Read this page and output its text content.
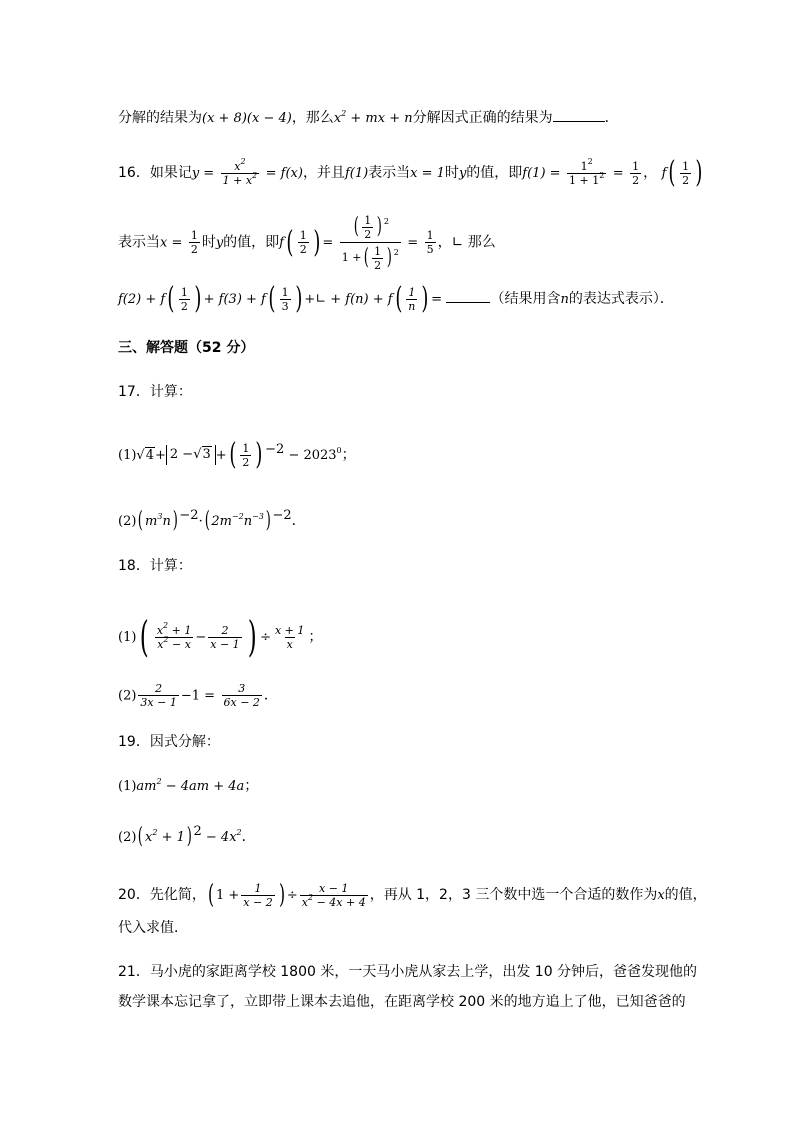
分解的结果为(x + 8)(x − 4)，那么$x^2$ + mx + n分解因式正确的结果为	．
16．如果记$y = \frac{x^2}{1 + x^2} = f(x)$，并且f(1)表示当x = 1时y的值，即$f(1) = \frac{1^2}{1 + 1^2} = \frac{1}{2}$ ， $f( \frac{1}{2}$ )
表示当$x = \frac{1}{2}$ 时y的值，即$f( \frac{1}{2}$ ) = $\frac{( \frac{1}{2} ) ^2}{1 +( \frac{1}{2} ) ^2} = \frac{1}{5}$ ，∟ 那么
$f(2) + f( \frac{1}{2}$ ) + $f(3) + f( \frac{1}{3}$ ) +∟ + $f(n) + f( \frac{1}{n}$ ) =	（结果用含n的表达式表示）．
三、解答题（52 分）
17．计算：
(1)√4+ 2 −√3 +( $\frac{1}{2}$ ) $^{-2} - 2023^0$；
(2)( $m^3n$) $^{-2}$·( $2m^{-2}n^{-3}$) $^{-2}$．
18．计算：
$(1)( \frac{x^2 + 1}{x^2 - x} - \frac{2}{x - 1}$ ) ÷ $\frac{x + 1}{x}$ ；
$(2) \frac{2}{3x - 1} -1 = \frac{3}{6x - 2}$ ．
19．因式分解：
$(1)am^2 - 4am + 4a$；
(2)( $x^2 + 1$) $^2 - 4x^2$．
20．先化简，( $1 + \frac{1}{x - 2}$ ) ÷ $\frac{x - 1}{x^2 - 4x + 4}$ ，再从 1，2，3 三个数中选一个合适的数作为x的值，
代入求值．
21．马小虎的家距离学校 1800 米，一天马小虎从家去上学，出发 10 分钟后，爸爸发现他的
数学课本忘记拿了，立即带上课本去追他，在距离学校 200 米的地方追上了他，已知爸爸的
